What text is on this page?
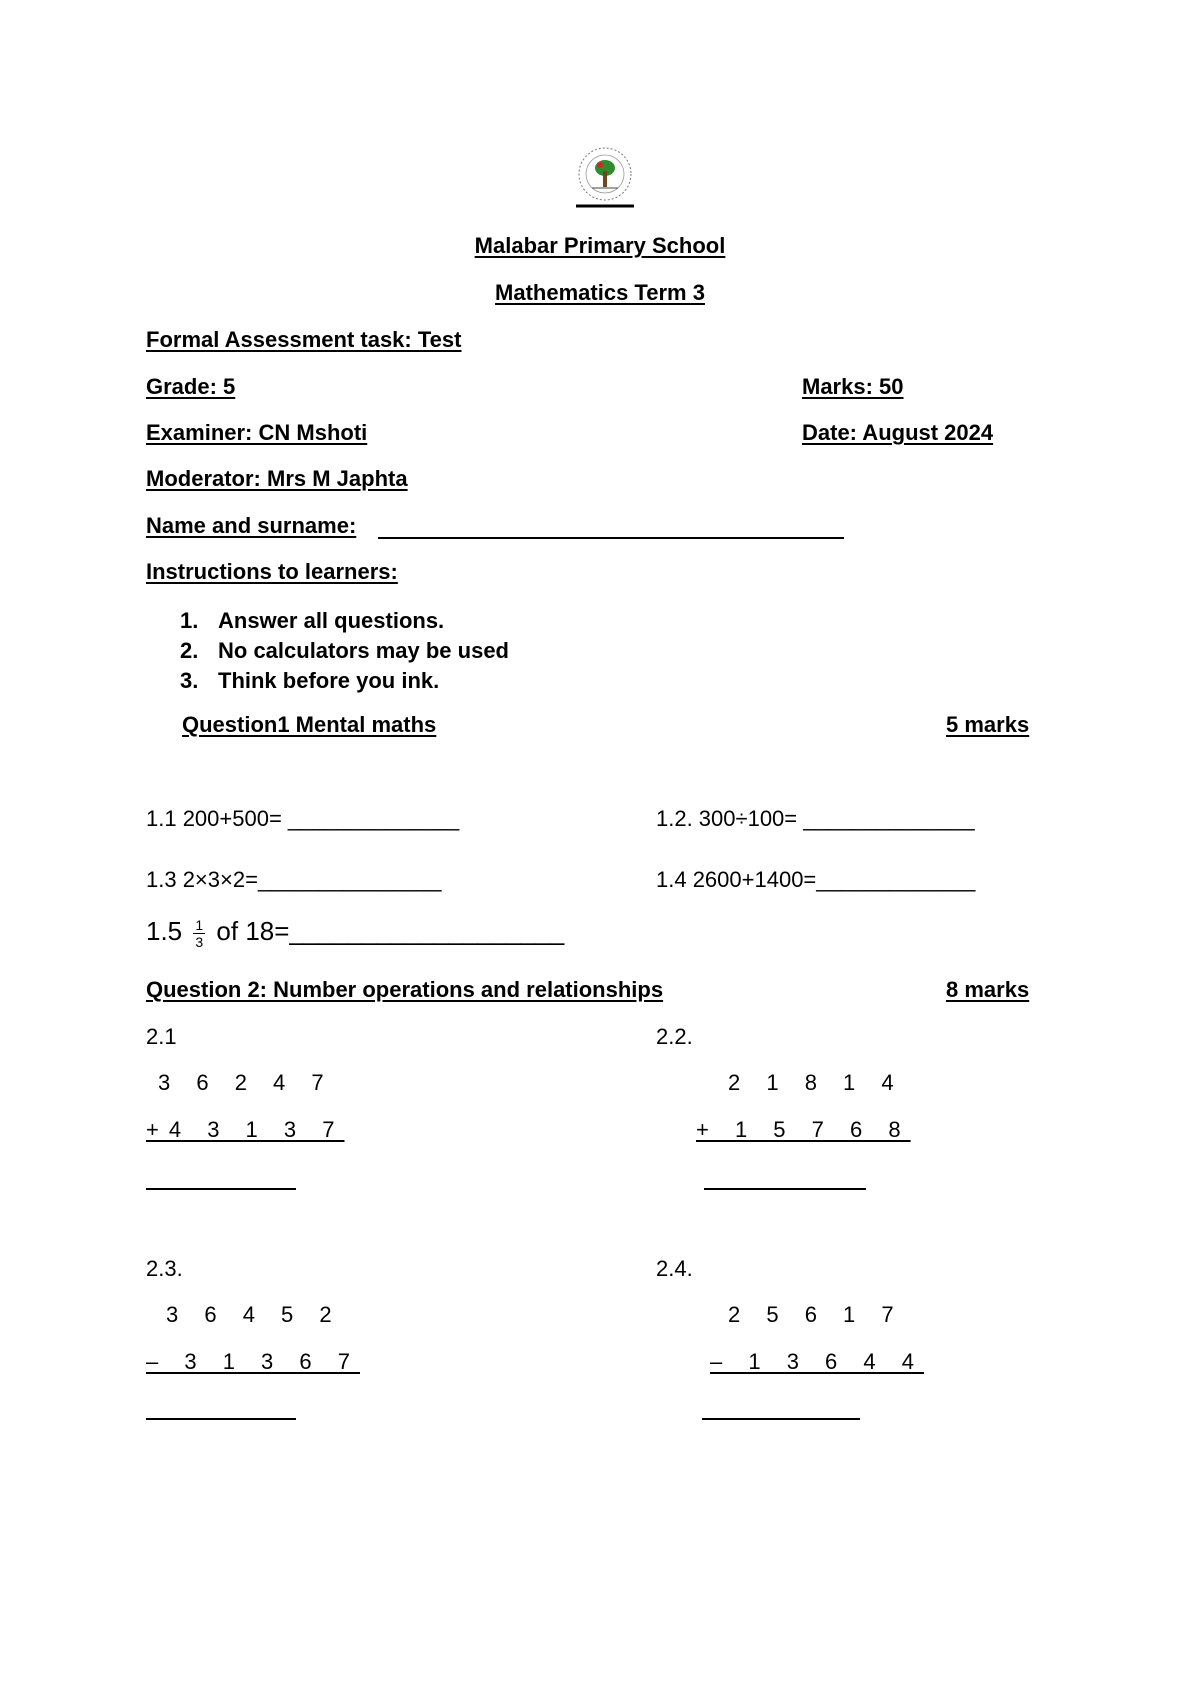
Malabar Primary School
Mathematics Term 3
Formal Assessment task: Test
Grade: 5	Marks: 50
Examiner: CN Mshoti	Date: August 2024
Moderator: Mrs M Japhta
Name and surname:
Instructions to learners:
1. Answer all questions.
2. No calculators may be used
3. Think before you ink.
Question1 Mental maths	5 marks
1.1 200+500= ______________	1.2. 300÷100= ______________
1.3 2×3×2=_______________	1.4 2600+1400=_____________
$1.5 \frac{1}{3}$ of 18=___________________
Question 2: Number operations and relationships	8 marks
2.1
3 6 2 4 7
+4 3 1 3 7
2.2.
2 1 8 1 4
+ 1 5 7 6 8
2.3.
3 6 4 5 2
– 3 1 3 6 7
2.4.
2 5 6 1 7
– 1 3 6 4 4
